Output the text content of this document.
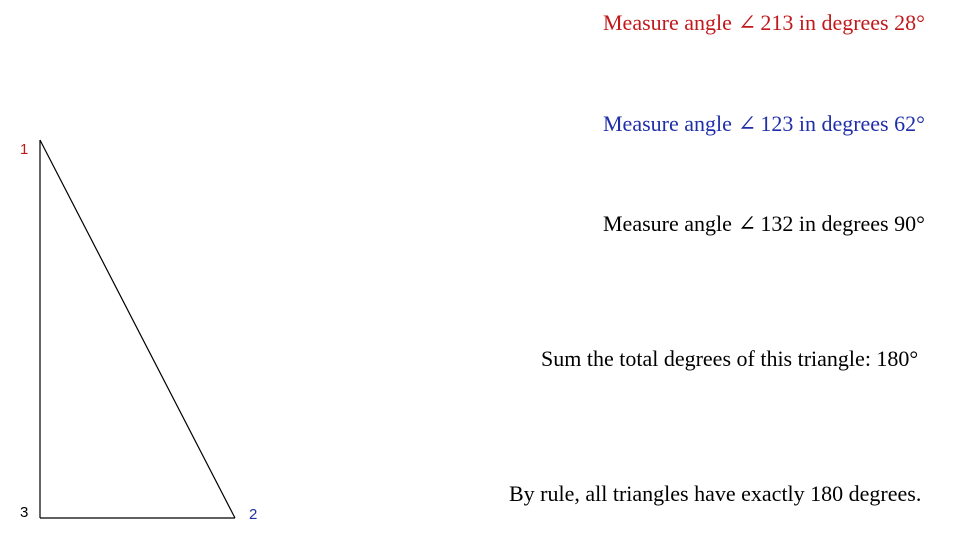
1
3	2
Measure angle ∠ 213 in degrees 28°
Measure angle ∠ 123 in degrees 62°
Measure angle ∠ 132 in degrees 90°
Sum the total degrees of this triangle: 180°
By rule, all triangles have exactly 180 degrees.
